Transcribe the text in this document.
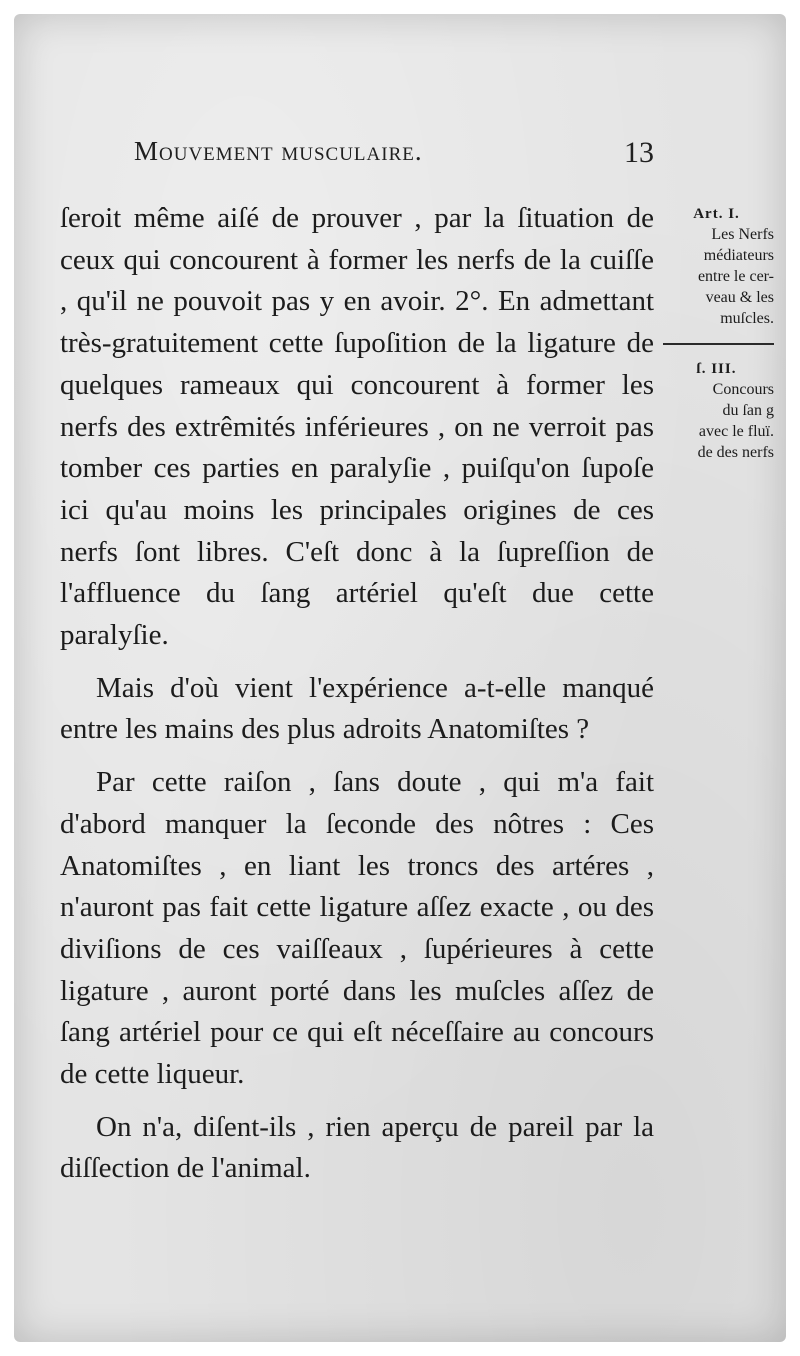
Mouvement musculaire.	13

ſeroit même aiſé de prouver , par la ſituation de ceux qui concourent à former les nerfs de la cuiſſe , qu'il ne pouvoit pas y en avoir. 2°. En admettant très-gratuitement cette ſupoſition de la ligature de quelques rameaux qui concourent à former les nerfs des extrêmités inférieures , on ne verroit pas tomber ces parties en paralyſie , puiſqu'on ſupoſe ici qu'au moins les principales origines de ces nerfs ſont libres. C'eſt donc à la ſupreſſion de l'affluence du ſang artériel qu'eſt due cette paralyſie.

Mais d'où vient l'expérience a-t-elle manqué entre les mains des plus adroits Anatomiſtes ?

Par cette raiſon , ſans doute , qui m'a fait d'abord manquer la ſeconde des nôtres : Ces Anatomiſtes , en liant les troncs des artéres , n'auront pas fait cette ligature aſſez exacte , ou des diviſions de ces vaiſſeaux , ſupérieures à cette ligature , auront porté dans les muſcles aſſez de ſang artériel pour ce qui eſt néceſſaire au concours de cette liqueur.

On n'a, diſent-ils , rien aperçu de pareil par la diſſection de l'animal.

Art. I.
Les Nerfs
médiateurs
entre le cer-
veau & les
muſcles.
ſ. III.
Concours
du ſan g
avec le fluï.
de des nerfs
